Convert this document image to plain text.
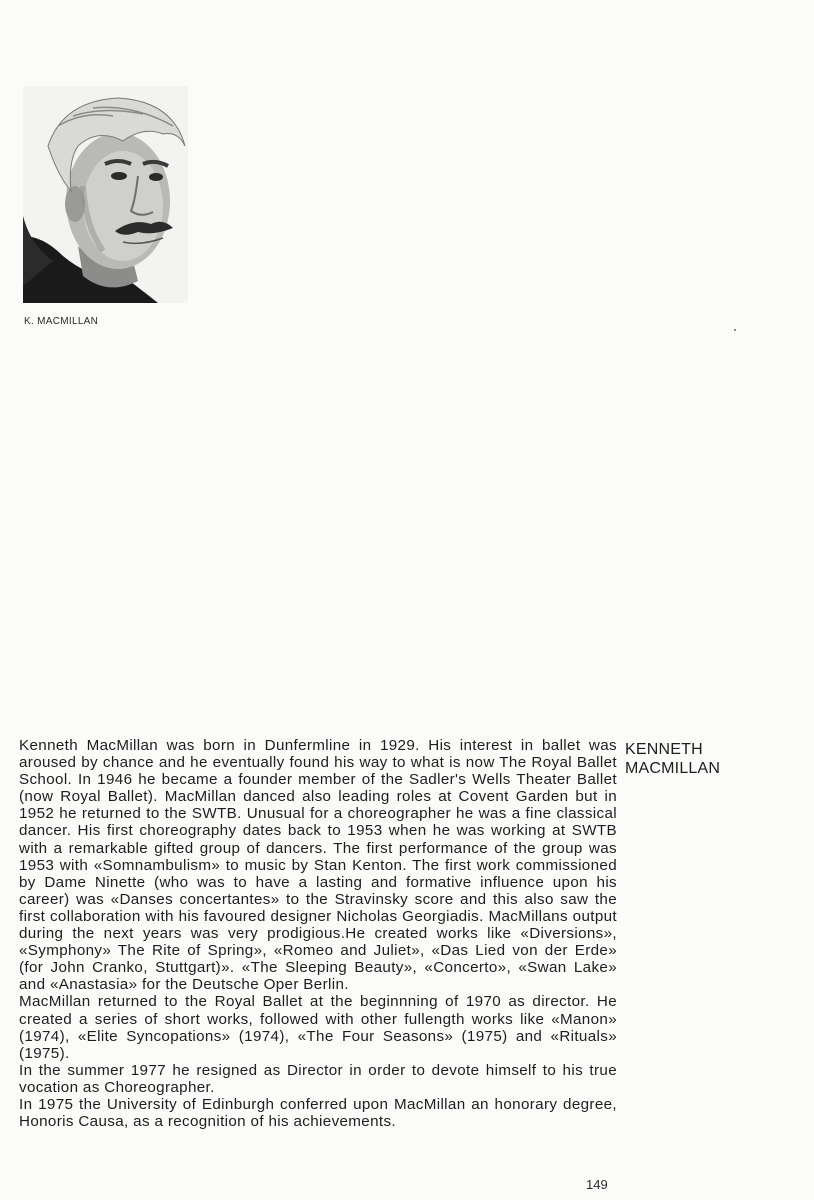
K. MACMILLAN

Kenneth MacMillan was born in Dunfermline in 1929. His interest in ballet was aroused by chance and he eventually found his way to what is now The Royal Ballet School. In 1946 he became a founder member of the Sadler's Wells Theater Ballet (now Royal Ballet). MacMillan danced also leading roles at Covent Garden but in 1952 he returned to the SWTB. Unusual for a choreographer he was a fine classical dancer. His first choreography dates back to 1953 when he was working at SWTB with a remarkable gifted group of dancers. The first performance of the group was 1953 with «Somnambulism» to music by Stan Kenton. The first work commissioned by Dame Ninette (who was to have a lasting and formative influence upon his career) was «Danses concertantes» to the Stravinsky score and this also saw the first collaboration with his favoured designer Nicholas Georgiadis. MacMillans output during the next years was very prodigious.He created works like «Diversions», «Symphony» The Rite of Spring», «Romeo and Juliet», «Das Lied von der Erde» (for John Cranko, Stuttgart)». «The Sleeping Beauty», «Concerto», «Swan Lake» and «Anastasia» for the Deutsche Oper Berlin.

MacMillan returned to the Royal Ballet at the beginnning of 1970 as director. He created a series of short works, followed with other fullength works like «Manon» (1974), «Elite Syncopations» (1974), «The Four Seasons» (1975) and «Rituals» (1975).

In the summer 1977 he resigned as Director in order to devote himself to his true vocation as Choreographer.

In 1975 the University of Edinburgh conferred upon MacMillan an honorary degree, Honoris Causa, as a recognition of his achievements.

KENNETH
MACMILLAN
149
